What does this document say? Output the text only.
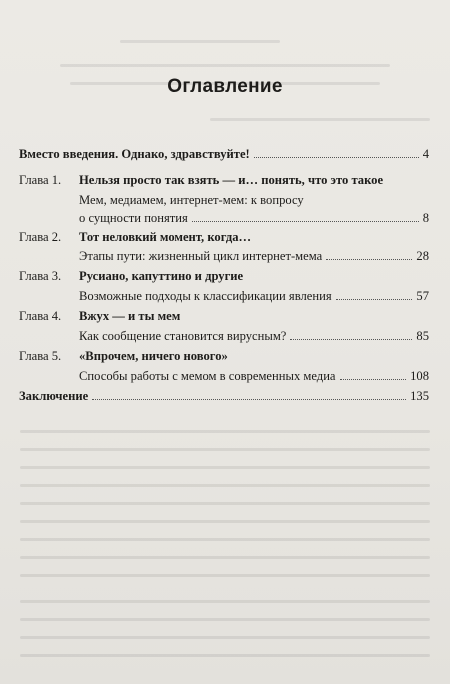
Оглавление
Вместо введения. Однако, здравствуйте!	4
Глава 1.	Нельзя просто так взять — и… понять, что это такое
Мем, медиамем, интернет-мем: к вопросу
о сущности понятия	8
Глава 2.	Тот неловкий момент, когда…
Этапы пути: жизненный цикл интернет-мема	28
Глава 3.	Русиано, капуттино и другие
Возможные подходы к классификации явления	57
Глава 4.	Вжух — и ты мем
Как сообщение становится вирусным?	85
Глава 5.	«Впрочем, ничего нового»
Способы работы с мемом в современных медиа	108
Заключение	135
